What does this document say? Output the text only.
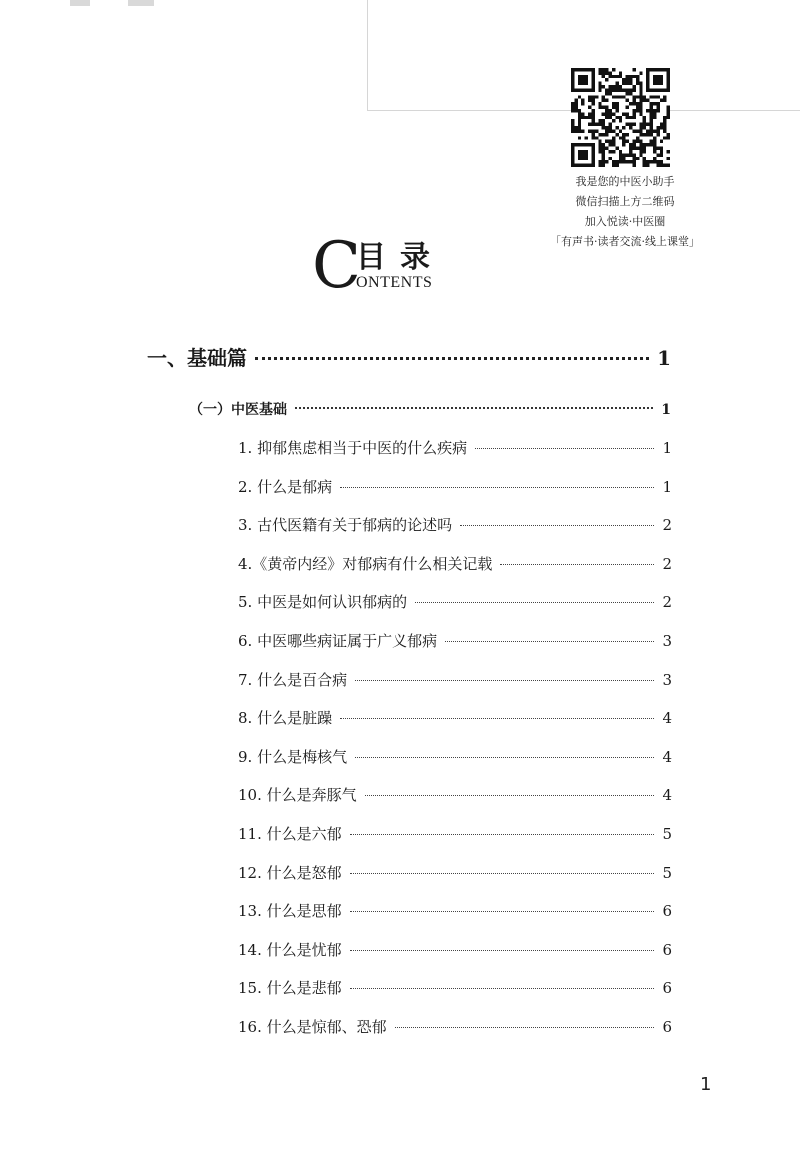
我是您的中医小助手
微信扫描上方二维码
加入悦读·中医圈
「有声书·读者交流·线上课堂」
C
目录
ONTENTS
一、基础篇	1
（一）中医基础	1
1. 抑郁焦虑相当于中医的什么疾病	1
2. 什么是郁病	1
3. 古代医籍有关于郁病的论述吗	2
4.《黄帝内经》对郁病有什么相关记载	2
5. 中医是如何认识郁病的	2
6. 中医哪些病证属于广义郁病	3
7. 什么是百合病	3
8. 什么是脏躁	4
9. 什么是梅核气	4
10. 什么是奔豚气	4
11. 什么是六郁	5
12. 什么是怒郁	5
13. 什么是思郁	6
14. 什么是忧郁	6
15. 什么是悲郁	6
16. 什么是惊郁、恐郁	6
1
